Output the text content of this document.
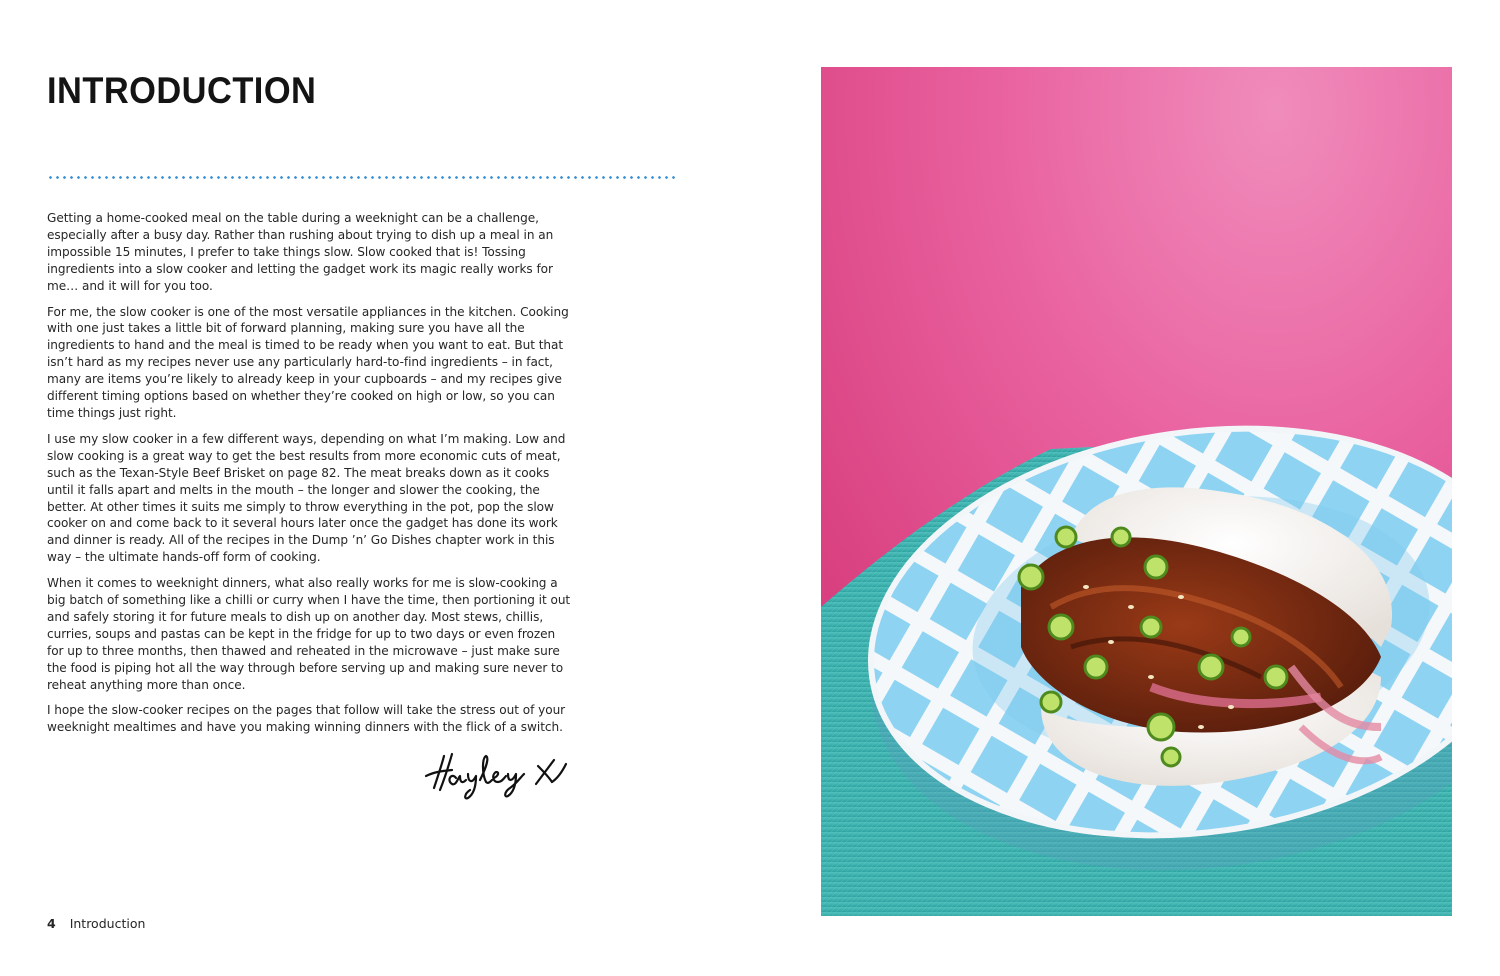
INTRODUCTION

Getting a home-cooked meal on the table during a weeknight can be a challenge, especially after a busy day. Rather than rushing about trying to dish up a meal in an impossible 15 minutes, I prefer to take things slow. Slow cooked that is! Tossing ingredients into a slow cooker and letting the gadget work its magic really works for me… and it will for you too.

For me, the slow cooker is one of the most versatile appliances in the kitchen. Cooking with one just takes a little bit of forward planning, making sure you have all the ingredients to hand and the meal is timed to be ready when you want to eat. But that isn’t hard as my recipes never use any particularly hard-to-find ingredients – in fact, many are items you’re likely to already keep in your cupboards – and my recipes give different timing options based on whether they’re cooked on high or low, so you can time things just right.

I use my slow cooker in a few different ways, depending on what I’m making. Low and slow cooking is a great way to get the best results from more economic cuts of meat, such as the Texan-Style Beef Brisket on page 82. The meat breaks down as it cooks until it falls apart and melts in the mouth – the longer and slower the cooking, the better. At other times it suits me simply to throw everything in the pot, pop the slow cooker on and come back to it several hours later once the gadget has done its work and dinner is ready. All of the recipes in the Dump ’n’ Go Dishes chapter work in this way – the ultimate hands-off form of cooking.

When it comes to weeknight dinners, what also really works for me is slow-cooking a big batch of something like a chilli or curry when I have the time, then portioning it out and safely storing it for future meals to dish up on another day. Most stews, chillis, curries, soups and pastas can be kept in the fridge for up to two days or even frozen for up to three months, then thawed and reheated in the microwave – just make sure the food is piping hot all the way through before serving up and making sure never to reheat anything more than once.

I hope the slow-cooker recipes on the pages that follow will take the stress out of your weeknight mealtimes and have you making winning dinners with the flick of a switch.

4 Introduction
